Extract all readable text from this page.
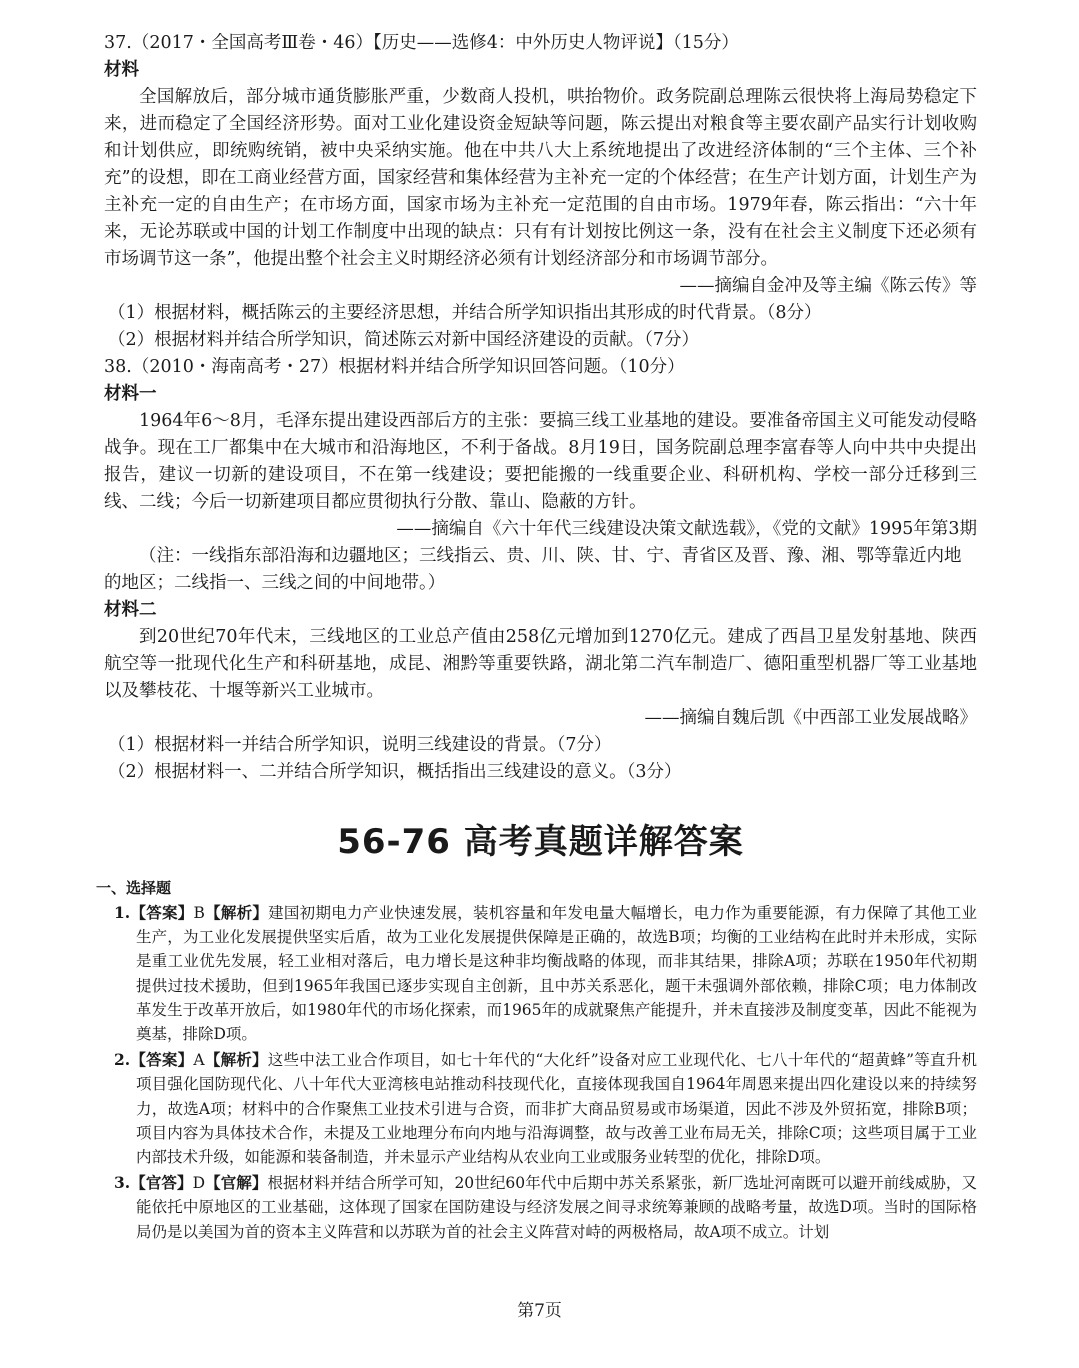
37.（2017・全国高考Ⅲ卷・46）【历史——选修4：中外历史人物评说】（15分）

材料

全国解放后，部分城市通货膨胀严重，少数商人投机，哄抬物价。政务院副总理陈云很快将上海局势稳定下来，进而稳定了全国经济形势。面对工业化建设资金短缺等问题，陈云提出对粮食等主要农副产品实行计划收购和计划供应，即统购统销，被中央采纳实施。他在中共八大上系统地提出了改进经济体制的“三个主体、三个补充”的设想，即在工商业经营方面，国家经营和集体经营为主补充一定的个体经营；在生产计划方面，计划生产为主补充一定的自由生产；在市场方面，国家市场为主补充一定范围的自由市场。1979年春，陈云指出：“六十年来，无论苏联或中国的计划工作制度中出现的缺点：只有有计划按比例这一条，没有在社会主义制度下还必须有市场调节这一条”，他提出整个社会主义时期经济必须有计划经济部分和市场调节部分。

——摘编自金冲及等主编《陈云传》等

（1）根据材料，概括陈云的主要经济思想，并结合所学知识指出其形成的时代背景。（8分）

（2）根据材料并结合所学知识，简述陈云对新中国经济建设的贡献。（7分）

38.（2010・海南高考・27）根据材料并结合所学知识回答问题。（10分）

材料一

1964年6～8月，毛泽东提出建设西部后方的主张：要搞三线工业基地的建设。要准备帝国主义可能发动侵略战争。现在工厂都集中在大城市和沿海地区，不利于备战。8月19日，国务院副总理李富春等人向中共中央提出报告，建议一切新的建设项目，不在第一线建设；要把能搬的一线重要企业、科研机构、学校一部分迁移到三线、二线；今后一切新建项目都应贯彻执行分散、靠山、隐蔽的方针。

——摘编自《六十年代三线建设决策文献选载》，《党的文献》1995年第3期

（注：一线指东部沿海和边疆地区；三线指云、贵、川、陕、甘、宁、青省区及晋、豫、湘、鄂等靠近内地的地区；二线指一、三线之间的中间地带。）

材料二

到20世纪70年代末，三线地区的工业总产值由258亿元增加到1270亿元。建成了西昌卫星发射基地、陕西航空等一批现代化生产和科研基地，成昆、湘黔等重要铁路，湖北第二汽车制造厂、德阳重型机器厂等工业基地以及攀枝花、十堰等新兴工业城市。

——摘编自魏后凯《中西部工业发展战略》

（1）根据材料一并结合所学知识，说明三线建设的背景。（7分）

（2）根据材料一、二并结合所学知识，概括指出三线建设的意义。（3分）

56-76 高考真题详解答案

一、选择题

1.【答案】B【解析】建国初期电力产业快速发展，装机容量和年发电量大幅增长，电力作为重要能源，有力保障了其他工业生产，为工业化发展提供坚实后盾，故为工业化发展提供保障是正确的，故选B项；均衡的工业结构在此时并未形成，实际是重工业优先发展，轻工业相对落后，电力增长是这种非均衡战略的体现，而非其结果，排除A项；苏联在1950年代初期提供过技术援助，但到1965年我国已逐步实现自主创新，且中苏关系恶化，题干未强调外部依赖，排除C项；电力体制改革发生于改革开放后，如1980年代的市场化探索，而1965年的成就聚焦产能提升，并未直接涉及制度变革，因此不能视为奠基，排除D项。

2.【答案】A【解析】这些中法工业合作项目，如七十年代的“大化纤”设备对应工业现代化、七八十年代的“超黄蜂”等直升机项目强化国防现代化、八十年代大亚湾核电站推动科技现代化，直接体现我国自1964年周恩来提出四化建设以来的持续努力，故选A项；材料中的合作聚焦工业技术引进与合资，而非扩大商品贸易或市场渠道，因此不涉及外贸拓宽，排除B项；项目内容为具体技术合作，未提及工业地理分布向内地与沿海调整，故与改善工业布局无关，排除C项；这些项目属于工业内部技术升级，如能源和装备制造，并未显示产业结构从农业向工业或服务业转型的优化，排除D项。

3.【官答】D【官解】根据材料并结合所学可知，20世纪60年代中后期中苏关系紧张，新厂选址河南既可以避开前线威胁，又能依托中原地区的工业基础，这体现了国家在国防建设与经济发展之间寻求统筹兼顾的战略考量，故选D项。当时的国际格局仍是以美国为首的资本主义阵营和以苏联为首的社会主义阵营对峙的两极格局，故A项不成立。计划

第7页
